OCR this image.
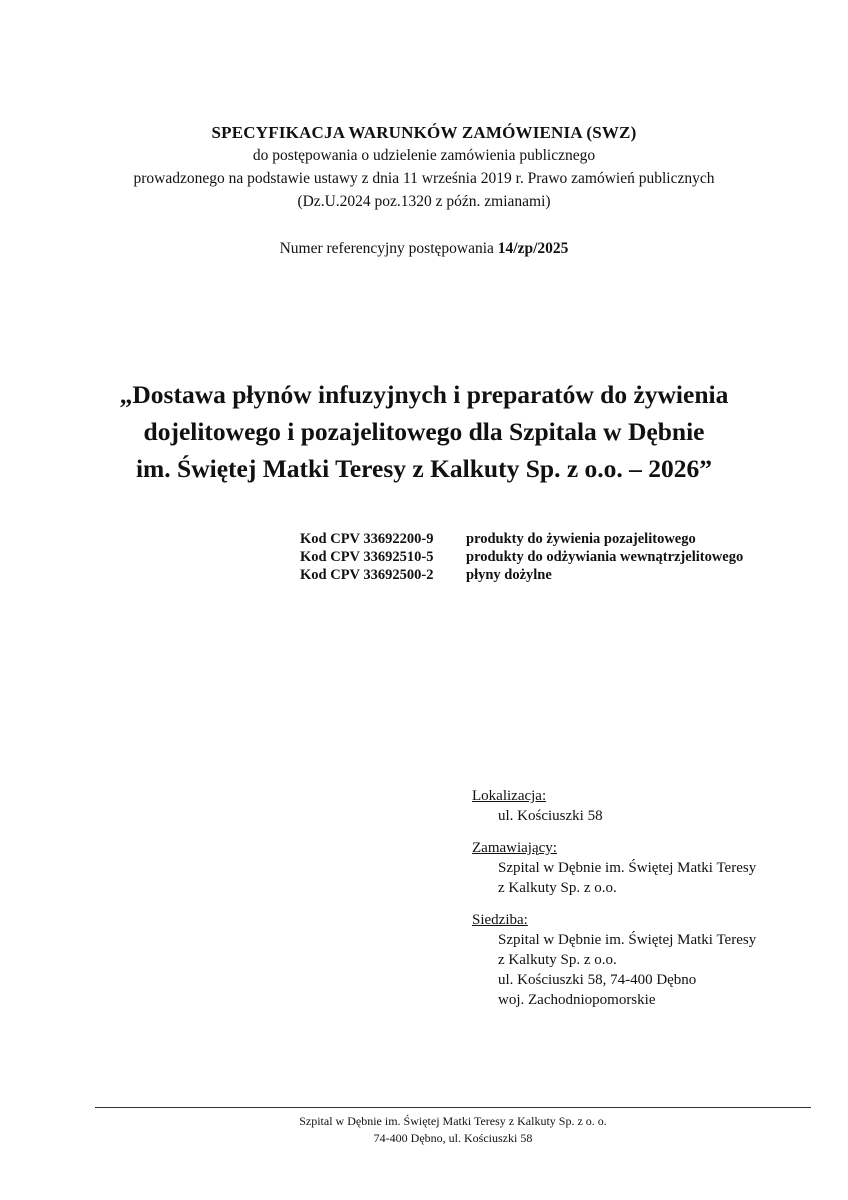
SPECYFIKACJA WARUNKÓW ZAMÓWIENIA (SWZ)
do postępowania o udzielenie zamówienia publicznego
prowadzonego na podstawie ustawy z dnia 11 września 2019 r. Prawo zamówień publicznych
(Dz.U.2024 poz.1320 z późn. zmianami)
Numer referencyjny postępowania 14/zp/2025
„Dostawa płynów infuzyjnych i preparatów do żywienia
dojelitowego i pozajelitowego dla Szpitala w Dębnie
im. Świętej Matki Teresy z Kalkuty Sp. z o.o. – 2026”
Kod CPV 33692200-9 produkty do żywienia pozajelitowego
Kod CPV 33692510-5 produkty do odżywiania wewnątrzjelitowego
Kod CPV 33692500-2 płyny dożylne
Lokalizacja:
ul. Kościuszki 58
Zamawiający:
Szpital w Dębnie im. Świętej Matki Teresy
z Kalkuty Sp. z o.o.
Siedziba:
Szpital w Dębnie im. Świętej Matki Teresy
z Kalkuty Sp. z o.o.
ul. Kościuszki 58, 74-400 Dębno
woj. Zachodniopomorskie
Szpital w Dębnie im. Świętej Matki Teresy z Kalkuty Sp. z o. o.
74-400 Dębno, ul. Kościuszki 58
